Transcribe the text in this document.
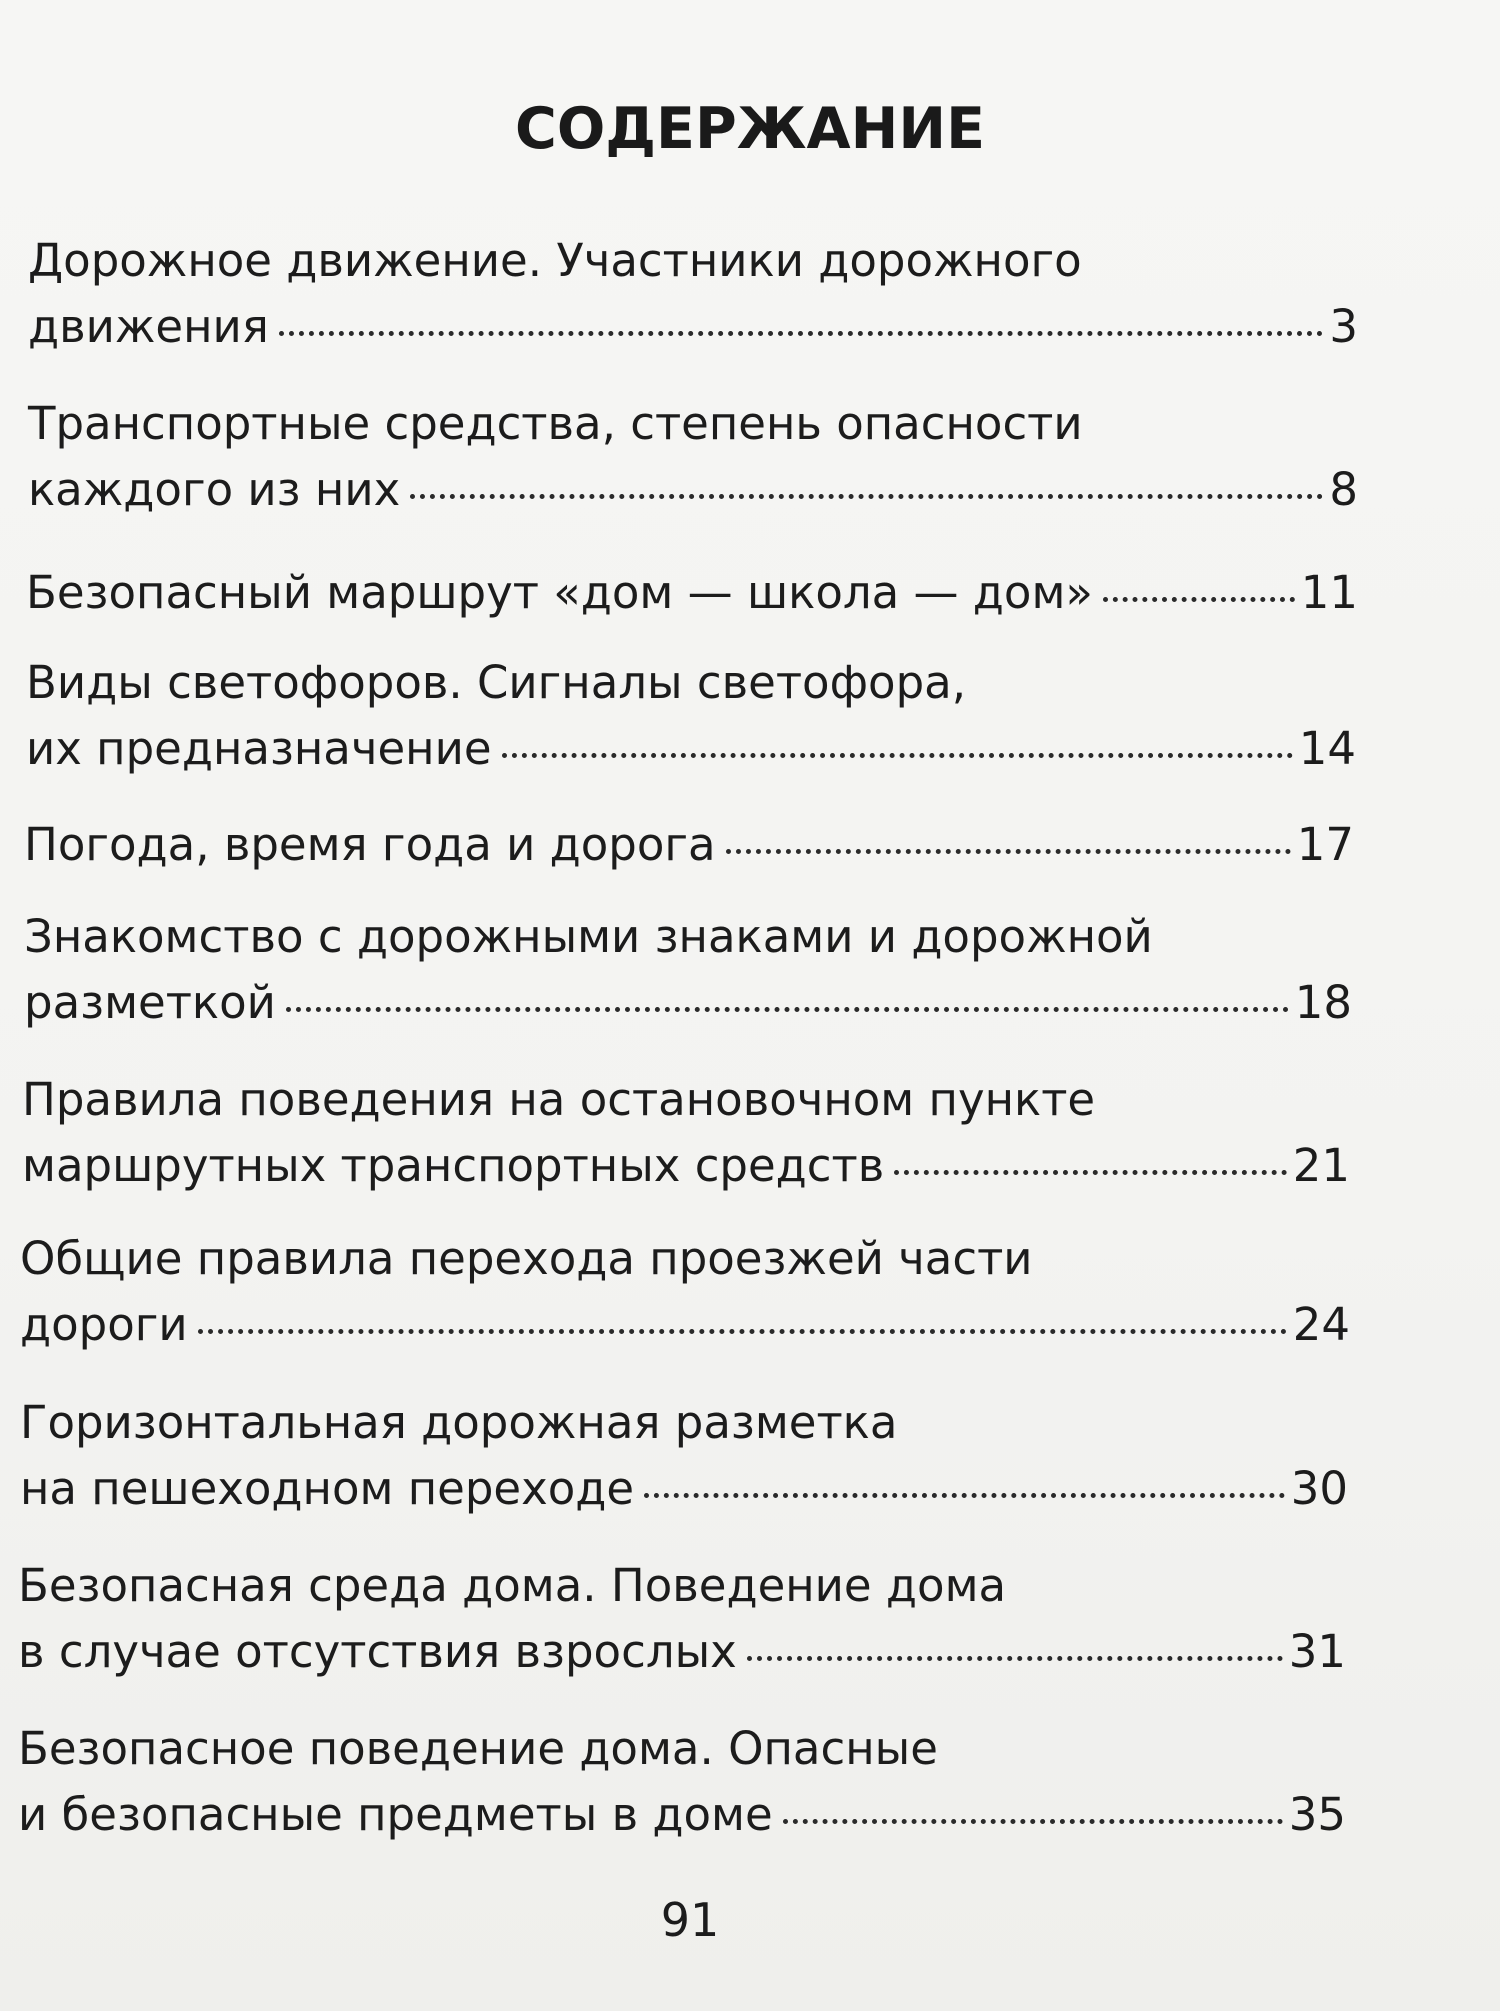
СОДЕРЖАНИЕ
Дорожное движение. Участники дорожного
движения	3
Транспортные средства, степень опасности
каждого из них	8
Безопасный маршрут «дом — школа — дом»	11
Виды светофоров. Сигналы светофора,
их предназначение	14
Погода, время года и дорога	17
Знакомство с дорожными знаками и дорожной
разметкой	18
Правила поведения на остановочном пункте
маршрутных транспортных средств	21
Общие правила перехода проезжей части
дороги	24
Горизонтальная дорожная разметка
на пешеходном переходе	30
Безопасная среда дома. Поведение дома
в случае отсутствия взрослых	31
Безопасное поведение дома. Опасные
и безопасные предметы в доме	35
91
